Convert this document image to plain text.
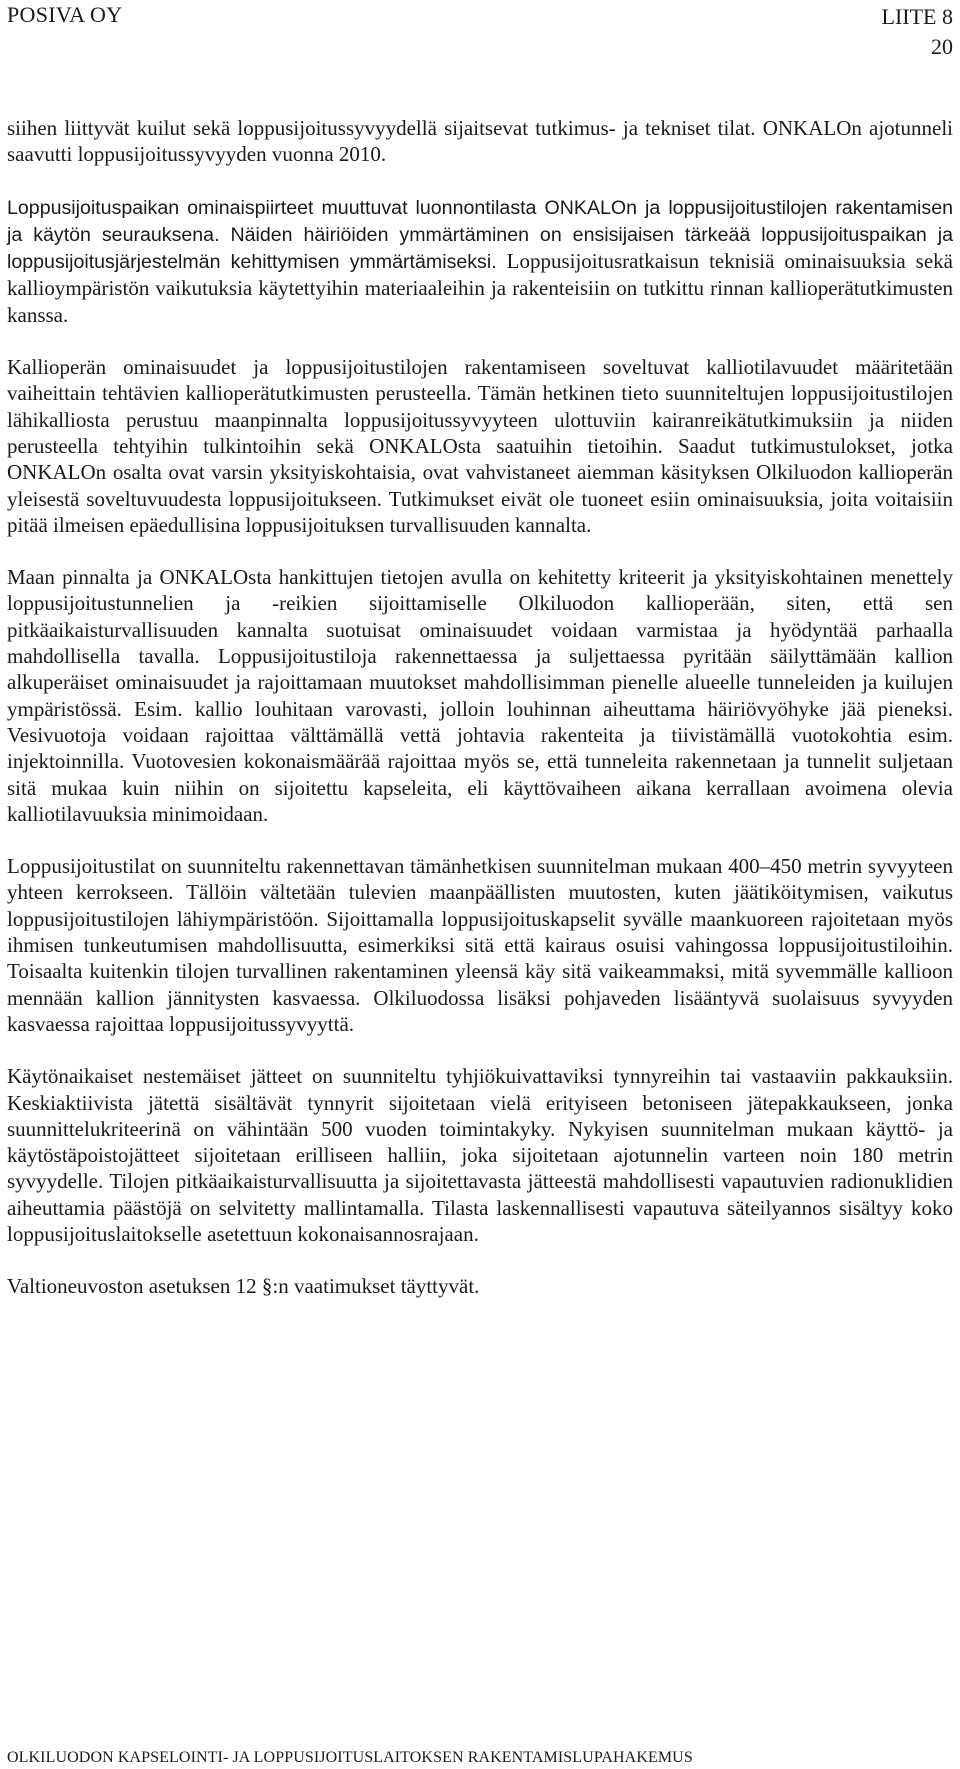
POSIVA OY	LIITE 8
20

siihen liittyvät kuilut sekä loppusijoitussyvyydellä sijaitsevat tutkimus- ja tekniset tilat. ONKALOn ajotunneli saavutti loppusijoitussyvyyden vuonna 2010.

Loppusijoituspaikan ominaispiirteet muuttuvat luonnontilasta ONKALOn ja loppusijoitustilojen rakentamisen ja käytön seurauksena. Näiden häiriöiden ymmärtäminen on ensisijaisen tärkeää loppusijoituspaikan ja loppusijoitusjärjestelmän kehittymisen ymmärtämiseksi. Loppusijoitusratkaisun teknisiä ominaisuuksia sekä kallioympäristön vaikutuksia käytettyihin materiaaleihin ja rakenteisiin on tutkittu rinnan kallioperätutkimusten kanssa.

Kallioperän ominaisuudet ja loppusijoitustilojen rakentamiseen soveltuvat kalliotilavuudet määritetään vaiheittain tehtävien kallioperätutkimusten perusteella. Tämän hetkinen tieto suunniteltujen loppusijoitustilojen lähikalliosta perustuu maanpinnalta loppusijoitussyvyyteen ulottuviin kairanreikätutkimuksiin ja niiden perusteella tehtyihin tulkintoihin sekä ONKALOsta saatuihin tietoihin. Saadut tutkimustulokset, jotka ONKALOn osalta ovat varsin yksityiskohtaisia, ovat vahvistaneet aiemman käsityksen Olkiluodon kallioperän yleisestä soveltuvuudesta loppusijoitukseen. Tutkimukset eivät ole tuoneet esiin ominaisuuksia, joita voitaisiin pitää ilmeisen epäedullisina loppusijoituksen turvallisuuden kannalta.

Maan pinnalta ja ONKALOsta hankittujen tietojen avulla on kehitetty kriteerit ja yksityiskohtainen menettely loppusijoitustunnelien ja -reikien sijoittamiselle Olkiluodon kallioperään, siten, että sen pitkäaikaisturvallisuuden kannalta suotuisat ominaisuudet voidaan varmistaa ja hyödyntää parhaalla mahdollisella tavalla. Loppusijoitustiloja rakennettaessa ja suljettaessa pyritään säilyttämään kallion alkuperäiset ominaisuudet ja rajoittamaan muutokset mahdollisimman pienelle alueelle tunneleiden ja kuilujen ympäristössä. Esim. kallio louhitaan varovasti, jolloin louhinnan aiheuttama häiriövyöhyke jää pieneksi. Vesivuotoja voidaan rajoittaa välttämällä vettä johtavia rakenteita ja tiivistämällä vuotokohtia esim. injektoinnilla. Vuotovesien kokonaismäärää rajoittaa myös se, että tunneleita rakennetaan ja tunnelit suljetaan sitä mukaa kuin niihin on sijoitettu kapseleita, eli käyttövaiheen aikana kerrallaan avoimena olevia kalliotilavuuksia minimoidaan.

Loppusijoitustilat on suunniteltu rakennettavan tämänhetkisen suunnitelman mukaan 400–450 metrin syvyyteen yhteen kerrokseen. Tällöin vältetään tulevien maanpäällisten muutosten, kuten jäätiköitymisen, vaikutus loppusijoitustilojen lähiympäristöön. Sijoittamalla loppusijoituskapselit syvälle maankuoreen rajoitetaan myös ihmisen tunkeutumisen mahdollisuutta, esimerkiksi sitä että kairaus osuisi vahingossa loppusijoitustiloihin. Toisaalta kuitenkin tilojen turvallinen rakentaminen yleensä käy sitä vaikeammaksi, mitä syvemmälle kallioon mennään kallion jännitysten kasvaessa. Olkiluodossa lisäksi pohjaveden lisääntyvä suolaisuus syvyyden kasvaessa rajoittaa loppusijoitussyvyyttä.

Käytönaikaiset nestemäiset jätteet on suunniteltu tyhjiökuivattaviksi tynnyreihin tai vastaaviin pakkauksiin. Keskiaktiivista jätettä sisältävät tynnyrit sijoitetaan vielä erityiseen betoniseen jätepakkaukseen, jonka suunnittelukriteerinä on vähintään 500 vuoden toimintakyky. Nykyisen suunnitelman mukaan käyttö- ja käytöstäpoistojätteet sijoitetaan erilliseen halliin, joka sijoitetaan ajotunnelin varteen noin 180 metrin syvyydelle. Tilojen pitkäaikaisturvallisuutta ja sijoitettavasta jätteestä mahdollisesti vapautuvien radionuklidien aiheuttamia päästöjä on selvitetty mallintamalla. Tilasta laskennallisesti vapautuva säteilyannos sisältyy koko loppusijoituslaitokselle asetettuun kokonaisannosrajaan.

Valtioneuvoston asetuksen 12 §:n vaatimukset täyttyvät.

OLKILUODON KAPSELOINTI- JA LOPPUSIJOITUSLAITOKSEN RAKENTAMISLUPAHAKEMUS
